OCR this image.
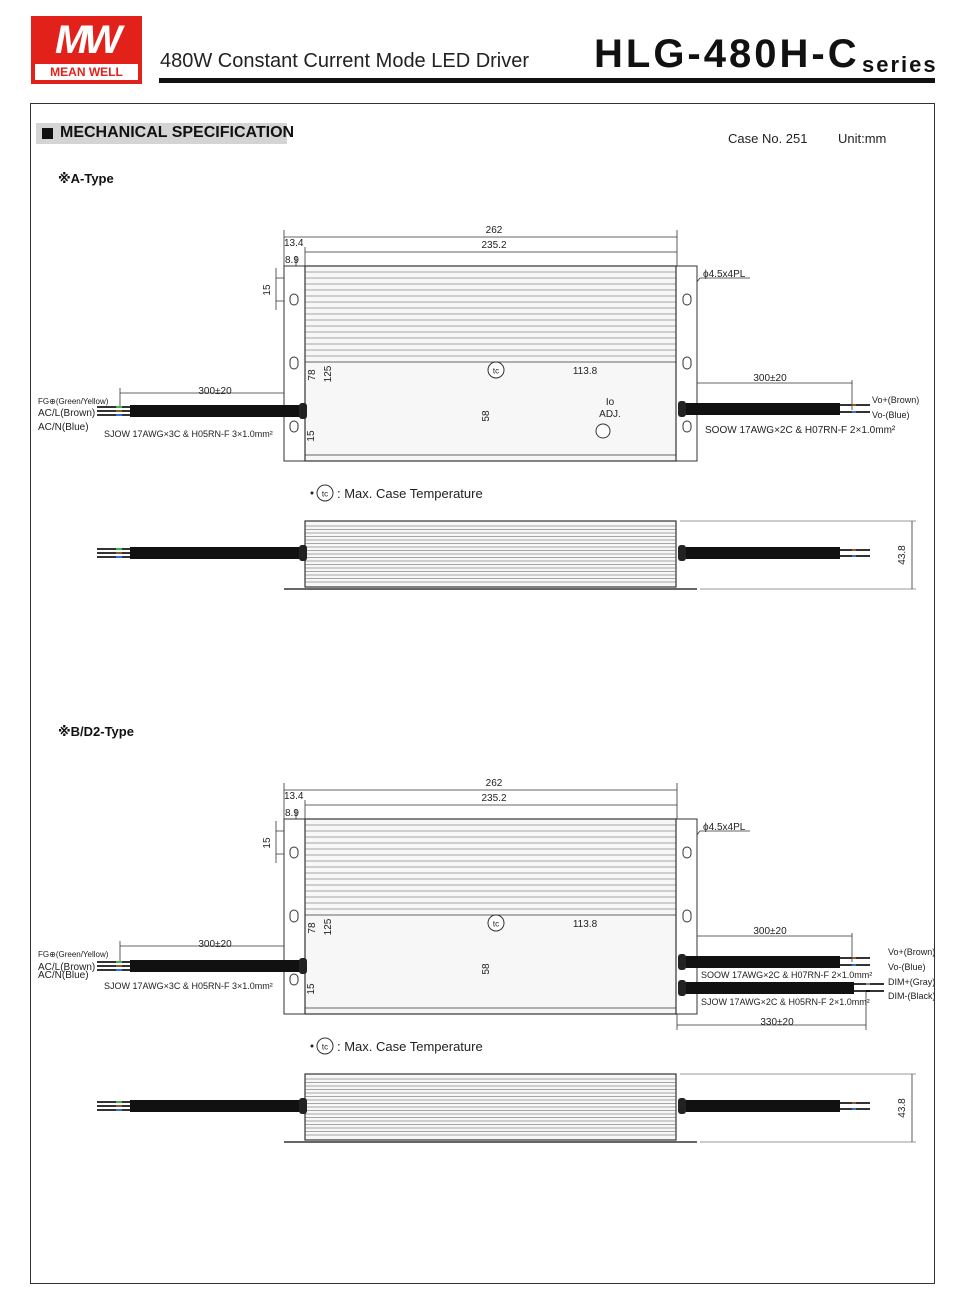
MW
MEAN WELL	480W Constant Current Mode LED Driver HLG-480H-C series
MECHANICAL SPECIFICATION	Case No. 251 Unit:mm
※A-Type
※B/D2-Type
tc
262
235.2
13.4
8.9
15
78 125
58
15
113.8
ϕ4.5x4PL
Io
ADJ.
300±20
300±20
FG⊕(Green/Yellow)
AC/L(Brown)
AC/N(Blue)
SJOW 17AWG×3C & H05RN-F 3×1.0mm²
Vo+(Brown)
Vo-(Blue)
SOOW 17AWG×2C & H07RN-F 2×1.0mm²
tc : Max. Case Temperature
43.8
tc
262
235.2
13.4
8.9
15
78 125
58
15
113.8
ϕ4.5x4PL
300±20
300±20
330±20
FG⊕(Green/Yellow)
AC/L(Brown)
AC/N(Blue)
SJOW 17AWG×3C & H05RN-F 3×1.0mm²
Vo+(Brown)
Vo-(Blue)
DIM+(Gray)
DIM-(Black)
SOOW 17AWG×2C & H07RN-F 2×1.0mm²
SJOW 17AWG×2C & H05RN-F 2×1.0mm²
tc : Max. Case Temperature
43.8
